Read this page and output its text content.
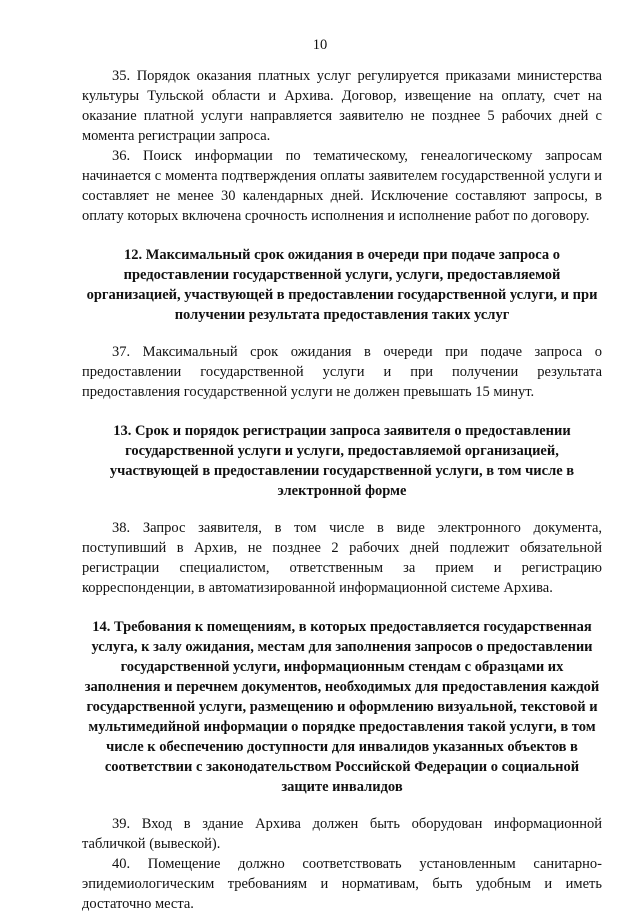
10

35. Порядок оказания платных услуг регулируется приказами министерства культуры Тульской области и Архива. Договор, извещение на оплату, счет на оказание платной услуги направляется заявителю не позднее 5 рабочих дней с момента регистрации запроса.

36. Поиск информации по тематическому, генеалогическому запросам начинается с момента подтверждения оплаты заявителем государственной услуги и составляет не менее 30 календарных дней. Исключение составляют запросы, в оплату которых включена срочность исполнения и исполнение работ по договору.

12. Максимальный срок ожидания в очереди при подаче запроса о предоставлении государственной услуги, услуги, предоставляемой организацией, участвующей в предоставлении государственной услуги, и при получении результата предоставления таких услуг

37. Максимальный срок ожидания в очереди при подаче запроса о предоставлении государственной услуги и при получении результата предоставления государственной услуги не должен превышать 15 минут.

13. Срок и порядок регистрации запроса заявителя о предоставлении государственной услуги и услуги, предоставляемой организацией, участвующей в предоставлении государственной услуги, в том числе в электронной форме

38. Запрос заявителя, в том числе в виде электронного документа, поступивший в Архив, не позднее 2 рабочих дней подлежит обязательной регистрации специалистом, ответственным за прием и регистрацию корреспонденции, в автоматизированной информационной системе Архива.

14. Требования к помещениям, в которых предоставляется государственная услуга, к залу ожидания, местам для заполнения запросов о предоставлении государственной услуги, информационным стендам с образцами их заполнения и перечнем документов, необходимых для предоставления каждой государственной услуги, размещению и оформлению визуальной, текстовой и мультимедийной информации о порядке предоставления такой услуги, в том числе к обеспечению доступности для инвалидов указанных объектов в соответствии с законодательством Российской Федерации о социальной защите инвалидов

39. Вход в здание Архива должен быть оборудован информационной табличкой (вывеской).

40. Помещение должно соответствовать установленным санитарно-эпидемиологическим требованиям и нормативам, быть удобным и иметь достаточно места.
